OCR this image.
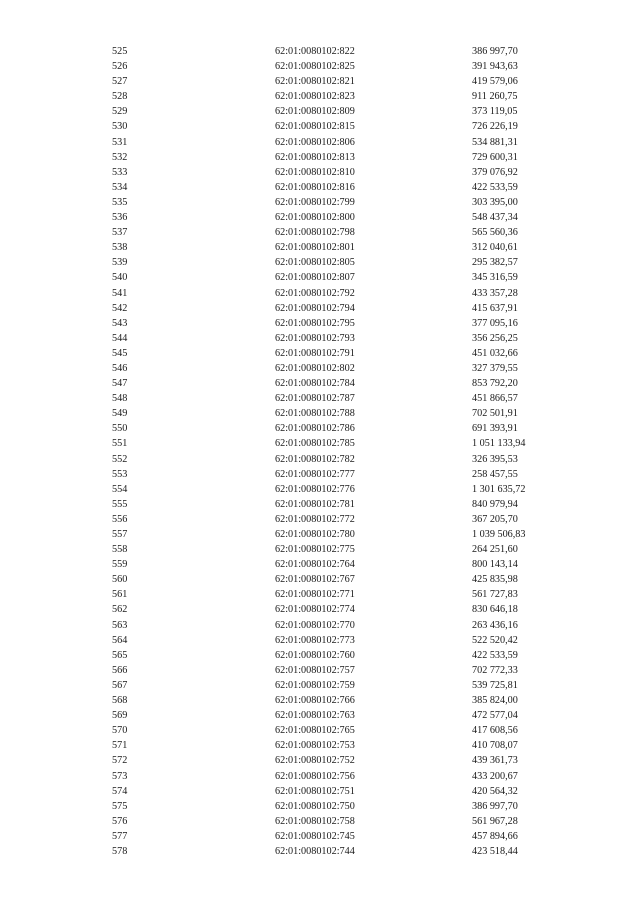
525	62:01:0080102:822	386 997,70
526	62:01:0080102:825	391 943,63
527	62:01:0080102:821	419 579,06
528	62:01:0080102:823	911 260,75
529	62:01:0080102:809	373 119,05
530	62:01:0080102:815	726 226,19
531	62:01:0080102:806	534 881,31
532	62:01:0080102:813	729 600,31
533	62:01:0080102:810	379 076,92
534	62:01:0080102:816	422 533,59
535	62:01:0080102:799	303 395,00
536	62:01:0080102:800	548 437,34
537	62:01:0080102:798	565 560,36
538	62:01:0080102:801	312 040,61
539	62:01:0080102:805	295 382,57
540	62:01:0080102:807	345 316,59
541	62:01:0080102:792	433 357,28
542	62:01:0080102:794	415 637,91
543	62:01:0080102:795	377 095,16
544	62:01:0080102:793	356 256,25
545	62:01:0080102:791	451 032,66
546	62:01:0080102:802	327 379,55
547	62:01:0080102:784	853 792,20
548	62:01:0080102:787	451 866,57
549	62:01:0080102:788	702 501,91
550	62:01:0080102:786	691 393,91
551	62:01:0080102:785	1 051 133,94
552	62:01:0080102:782	326 395,53
553	62:01:0080102:777	258 457,55
554	62:01:0080102:776	1 301 635,72
555	62:01:0080102:781	840 979,94
556	62:01:0080102:772	367 205,70
557	62:01:0080102:780	1 039 506,83
558	62:01:0080102:775	264 251,60
559	62:01:0080102:764	800 143,14
560	62:01:0080102:767	425 835,98
561	62:01:0080102:771	561 727,83
562	62:01:0080102:774	830 646,18
563	62:01:0080102:770	263 436,16
564	62:01:0080102:773	522 520,42
565	62:01:0080102:760	422 533,59
566	62:01:0080102:757	702 772,33
567	62:01:0080102:759	539 725,81
568	62:01:0080102:766	385 824,00
569	62:01:0080102:763	472 577,04
570	62:01:0080102:765	417 608,56
571	62:01:0080102:753	410 708,07
572	62:01:0080102:752	439 361,73
573	62:01:0080102:756	433 200,67
574	62:01:0080102:751	420 564,32
575	62:01:0080102:750	386 997,70
576	62:01:0080102:758	561 967,28
577	62:01:0080102:745	457 894,66
578	62:01:0080102:744	423 518,44
